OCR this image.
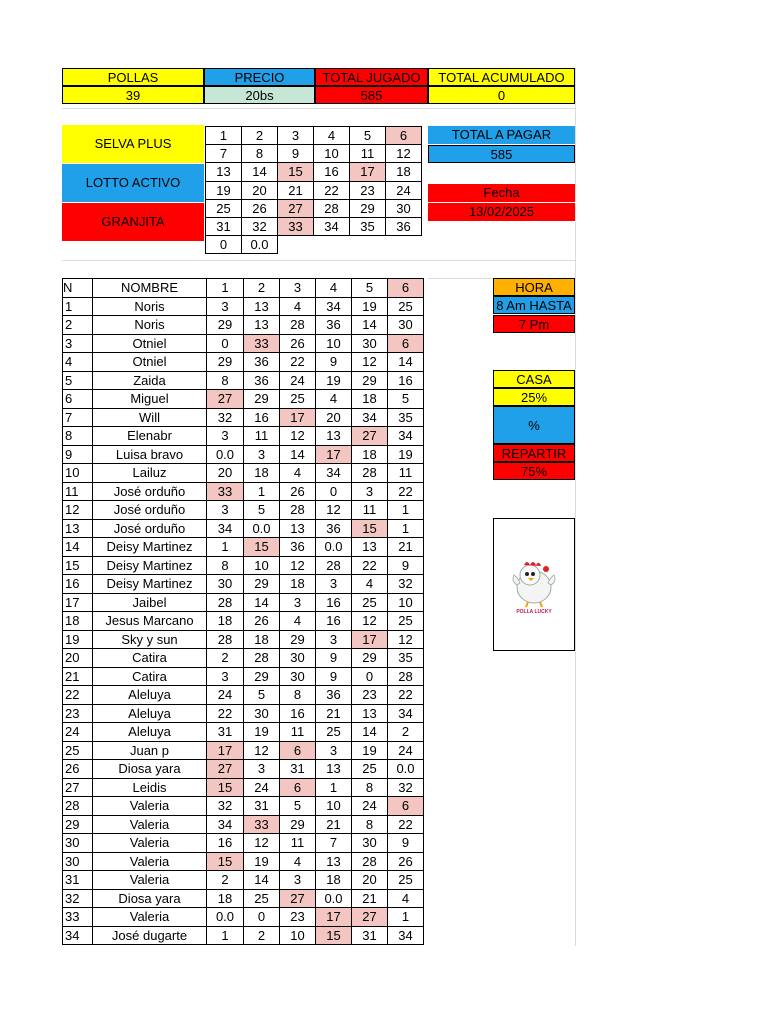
POLLAS	PRECIO	TOTAL JUGADO	TOTAL ACUMULADO
39	20bs	585	0
SELVA PLUS
LOTTO ACTIVO
GRANJITA
1	2	3	4	5	6
7	8	9	10	11	12
13	14	15	16	17	18
19	20	21	22	23	24
25	26	27	28	29	30
31	32	33	34	35	36
0	0.0				
TOTAL A PAGAR
585
Fecha
13/02/2025
HORA
8 Am HASTA
7 Pm
CASA
25%
%
REPARTIR
75%
POLLA LUCKY
N	NOMBRE	1	2	3	4	5	6
1	Noris	3	13	4	34	19	25
2	Noris	29	13	28	36	14	30
3	Otniel	0	33	26	10	30	6
4	Otniel	29	36	22	9	12	14
5	Zaida	8	36	24	19	29	16
6	Miguel	27	29	25	4	18	5
7	Will	32	16	17	20	34	35
8	Elenabr	3	11	12	13	27	34
9	Luisa bravo	0.0	3	14	17	18	19
10	Lailuz	20	18	4	34	28	11
11	José orduño	33	1	26	0	3	22
12	José orduño	3	5	28	12	11	1
13	José orduño	34	0.0	13	36	15	1
14	Deisy Martinez	1	15	36	0.0	13	21
15	Deisy Martinez	8	10	12	28	22	9
16	Deisy Martinez	30	29	18	3	4	32
17	Jaibel	28	14	3	16	25	10
18	Jesus Marcano	18	26	4	16	12	25
19	Sky y sun	28	18	29	3	17	12
20	Catira	2	28	30	9	29	35
21	Catira	3	29	30	9	0	28
22	Aleluya	24	5	8	36	23	22
23	Aleluya	22	30	16	21	13	34
24	Aleluya	31	19	11	25	14	2
25	Juan p	17	12	6	3	19	24
26	Diosa yara	27	3	31	13	25	0.0
27	Leidis	15	24	6	1	8	32
28	Valeria	32	31	5	10	24	6
29	Valeria	34	33	29	21	8	22
30	Valeria	16	12	11	7	30	9
30	Valeria	15	19	4	13	28	26
31	Valeria	2	14	3	18	20	25
32	Diosa yara	18	25	27	0.0	21	4
33	Valeria	0.0	0	23	17	27	1
34	José dugarte	1	2	10	15	31	34
